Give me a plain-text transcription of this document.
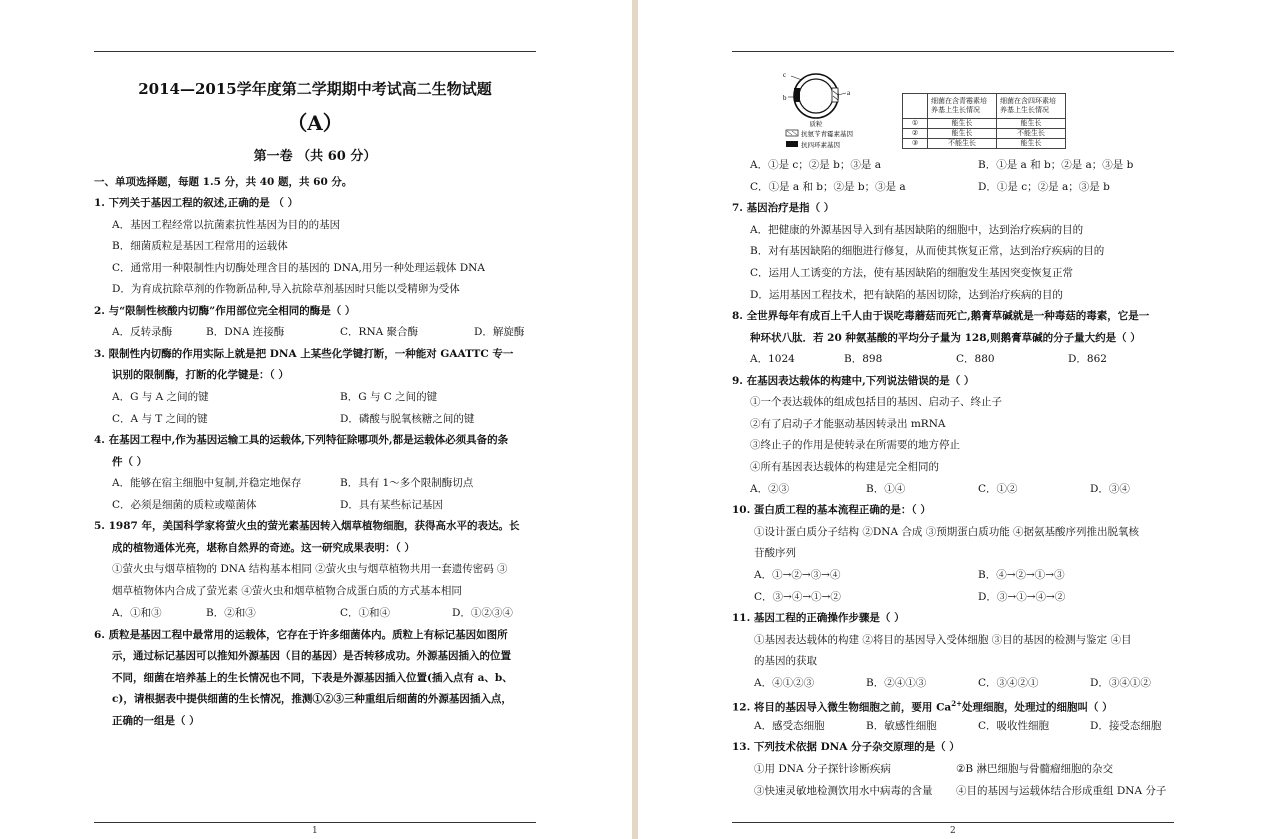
2014—2015学年度第二学期期中考试高二生物试题
（A）
第一卷 （共 60 分）
一、单项选择题，每题 1.5 分，共 40 题，共 60 分。
1. 下列关于基因工程的叙述,正确的是 （ ）
A．基因工程经常以抗菌素抗性基因为目的的基因
B．细菌质粒是基因工程常用的运载体
C．通常用一种限制性内切酶处理含目的基因的 DNA,用另一种处理运载体 DNA
D．为育成抗除草剂的作物新品种,导入抗除草剂基因时只能以受精卵为受体
2. 与“限制性核酸内切酶”作用部位完全相同的酶是（ ）
A．反转录酶	B．DNA 连接酶	C．RNA 聚合酶	D．解旋酶
3. 限制性内切酶的作用实际上就是把 DNA 上某些化学键打断，一种能对 GAATTC 专一
识别的限制酶，打断的化学键是：（ ）
A．G 与 A 之间的键	B．G 与 C 之间的键
C．A 与 T 之间的键	D．磷酸与脱氧核糖之间的键
4. 在基因工程中,作为基因运输工具的运载体,下列特征除哪项外,都是运载体必须具备的条
件（ ）
A．能够在宿主细胞中复制,并稳定地保存	B．具有 1～多个限制酶切点
C．必须是细菌的质粒或噬菌体	D．具有某些标记基因
5. 1987 年，美国科学家将萤火虫的萤光素基因转入烟草植物细胞，获得高水平的表达。长
成的植物通体光亮，堪称自然界的奇迹。这一研究成果表明：（ ）
①萤火虫与烟草植物的 DNA 结构基本相同 ②萤火虫与烟草植物共用一套遗传密码 ③
烟草植物体内合成了萤光素 ④萤火虫和烟草植物合成蛋白质的方式基本相同
A．①和③	B．②和③	C．①和④	D．①②③④
6. 质粒是基因工程中最常用的运载体，它存在于许多细菌体内。质粒上有标记基因如图所
示，通过标记基因可以推知外源基因（目的基因）是否转移成功。外源基因插入的位置
不同，细菌在培养基上的生长情况也不同，下表是外源基因插入位置(插入点有 a、b、
c)，请根据表中提供细菌的生长情况，推测①②③三种重组后细菌的外源基因插入点，
正确的一组是（ ）
1
a
b
c
质粒
抗氨苄青霉素基因
抗四环素基因
	细菌在含青霉素培养基上生长情况	细菌在含四环素培养基上生长情况
①	能生长	能生长
②	能生长	不能生长
③	不能生长	能生长
A．①是 c；②是 b；③是 a	B．①是 a 和 b；②是 a；③是 b
C．①是 a 和 b；②是 b；③是 a	D．①是 c；②是 a；③是 b
7. 基因治疗是指（ ）
A．把健康的外源基因导入到有基因缺陷的细胞中，达到治疗疾病的目的
B．对有基因缺陷的细胞进行修复，从而使其恢复正常，达到治疗疾病的目的
C．运用人工诱变的方法，使有基因缺陷的细胞发生基因突变恢复正常
D．运用基因工程技术，把有缺陷的基因切除，达到治疗疾病的目的
8. 全世界每年有成百上千人由于误吃毒蘑菇而死亡,鹅膏草碱就是一种毒菇的毒素，它是一
种环状八肽．若 20 种氨基酸的平均分子量为 128,则鹅膏草碱的分子量大约是（ ）
A．1024	B．898	C．880	D．862
9. 在基因表达载体的构建中,下列说法错误的是（ ）
①一个表达载体的组成包括目的基因、启动子、终止子
②有了启动子才能驱动基因转录出 mRNA
③终止子的作用是使转录在所需要的地方停止
④所有基因表达载体的构建是完全相同的
A．②③	B．①④	C．①②	D．③④
10. 蛋白质工程的基本流程正确的是：（ ）
①设计蛋白质分子结构 ②DNA 合成 ③预期蛋白质功能 ④据氨基酸序列推出脱氧核
苷酸序列
A．①→②→③→④	B．④→②→①→③
C．③→④→①→②	D．③→①→④→②
11. 基因工程的正确操作步骤是（ ）
①基因表达载体的构建 ②将目的基因导入受体细胞 ③目的基因的检测与鉴定 ④目
的基因的获取
A．④①②③	B．②④①③	C．③④②①	D．③④①②
12. 将目的基因导入微生物细胞之前，要用 $Ca^{2+}$处理细胞，处理过的细胞叫（ ）
A．感受态细胞	B．敏感性细胞	C．吸收性细胞	D．接受态细胞
13. 下列技术依据 DNA 分子杂交原理的是（ ）
①用 DNA 分子探针诊断疾病	②B 淋巴细胞与骨髓瘤细胞的杂交
③快速灵敏地检测饮用水中病毒的含量 ④目的基因与运载体结合形成重组 DNA 分子
2
